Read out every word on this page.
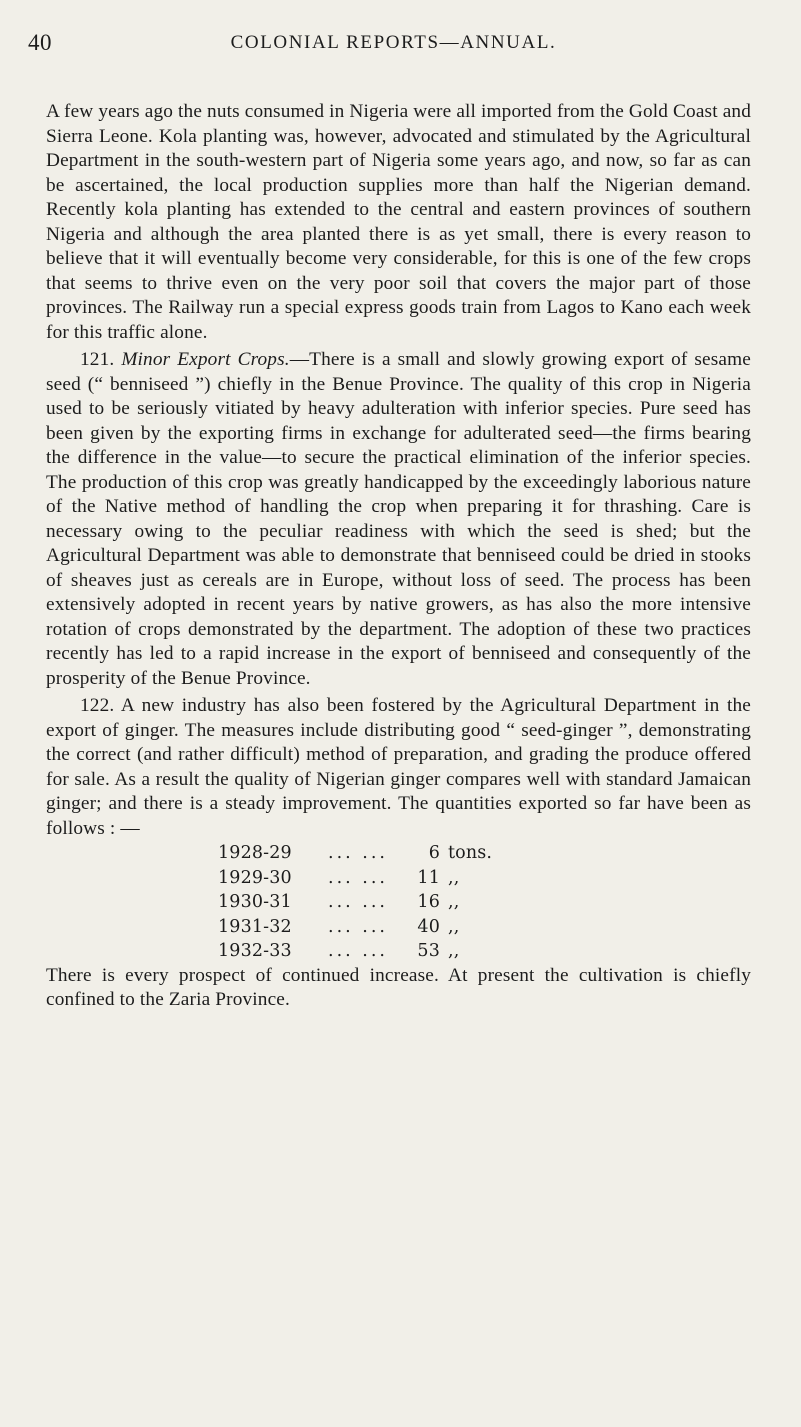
40	COLONIAL REPORTS—ANNUAL.

A few years ago the nuts consumed in Nigeria were all imported from the Gold Coast and Sierra Leone. Kola planting was, however, advocated and stimulated by the Agricultural Department in the south-western part of Nigeria some years ago, and now, so far as can be ascertained, the local production supplies more than half the Nigerian demand. Recently kola planting has extended to the central and eastern provinces of southern Nigeria and although the area planted there is as yet small, there is every reason to believe that it will eventually become very considerable, for this is one of the few crops that seems to thrive even on the very poor soil that covers the major part of those provinces. The Railway run a special express goods train from Lagos to Kano each week for this traffic alone.

121. Minor Export Crops.—There is a small and slowly growing export of sesame seed (“ benniseed ”) chiefly in the Benue Province. The quality of this crop in Nigeria used to be seriously vitiated by heavy adulteration with inferior species. Pure seed has been given by the exporting firms in exchange for adulterated seed—the firms bearing the difference in the value—to secure the practical elimination of the inferior species. The production of this crop was greatly handicapped by the exceedingly laborious nature of the Native method of handling the crop when preparing it for thrashing. Care is necessary owing to the peculiar readiness with which the seed is shed; but the Agricultural Department was able to demonstrate that benniseed could be dried in stooks of sheaves just as cereals are in Europe, without loss of seed. The process has been extensively adopted in recent years by native growers, as has also the more intensive rotation of crops demonstrated by the department. The adoption of these two practices recently has led to a rapid increase in the export of benniseed and consequently of the prosperity of the Benue Province.

122. A new industry has also been fostered by the Agricultural Department in the export of ginger. The measures include distributing good “ seed-ginger ”, demonstrating the correct (and rather difficult) method of preparation, and grading the produce offered for sale. As a result the quality of Nigerian ginger compares well with standard Jamaican ginger; and there is a steady improvement. The quantities exported so far have been as follows : —

1928-29	... ...	6 tons.
1929-30	... ...	11 ,,
1930-31	... ...	16 ,,
1931-32	... ...	40 ,,
1932-33	... ...	53 ,,

There is every prospect of continued increase. At present the cultivation is chiefly confined to the Zaria Province.
